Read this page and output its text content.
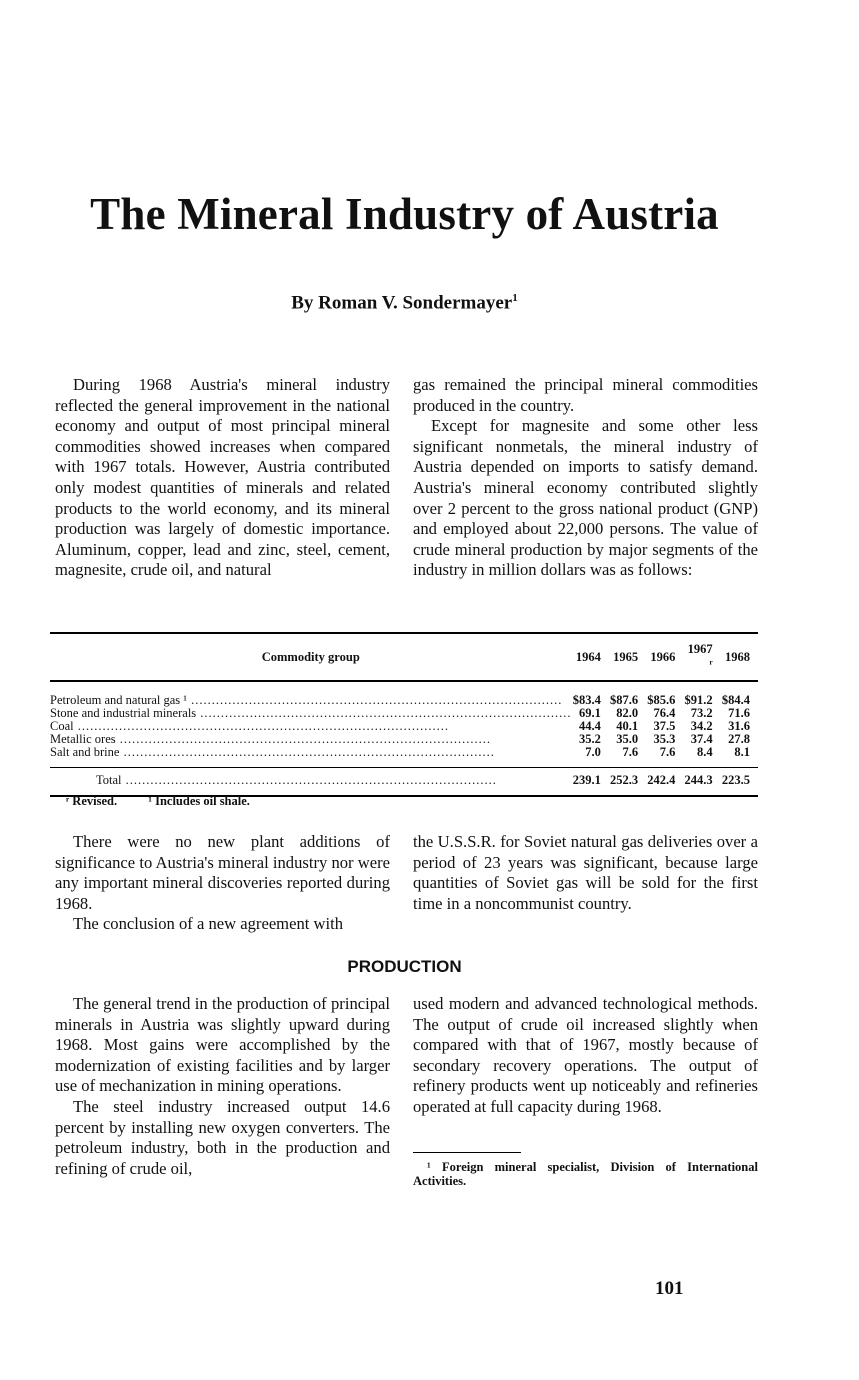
The Mineral Industry of Austria
By Roman V. Sondermayer$^1$

During 1968 Austria's mineral industry reflected the general improvement in the national economy and output of most principal mineral commodities showed increases when compared with 1967 totals. However, Austria contributed only modest quantities of minerals and related products to the world economy, and its mineral production was largely of domestic importance. Aluminum, copper, lead and zinc, steel, cement, magnesite, crude oil, and natural

gas remained the principal mineral commodities produced in the country.

Except for magnesite and some other less significant nonmetals, the mineral industry of Austria depended on imports to satisfy demand. Austria's mineral economy contributed slightly over 2 percent to the gross national product (GNP) and employed about 22,000 persons. The value of crude mineral production by major segments of the industry in million dollars was as follows:

Commodity group	1964	1965	1966	1967 ʳ	1968
Petroleum and natural gas ¹ .....	$83.4	$87.6	$85.6	$91.2	$84.4
Stone and industrial minerals .....	69.1	82.0	76.4	73.2	71.6
Coal .....	44.4	40.1	37.5	34.2	31.6
Metallic ores .....	35.2	35.0	35.3	37.4	27.8
Salt and brine .....	7.0	7.6	7.6	8.4	8.1
Total .....	239.1	252.3	242.4	244.3	223.5
ʳ Revised. ¹ Includes oil shale.

There were no new plant additions of significance to Austria's mineral industry nor were any important mineral discoveries reported during 1968.

The conclusion of a new agreement with

the U.S.S.R. for Soviet natural gas deliveries over a period of 23 years was significant, because large quantities of Soviet gas will be sold for the first time in a noncommunist country.

PRODUCTION

The general trend in the production of principal minerals in Austria was slightly upward during 1968. Most gains were accomplished by the modernization of existing facilities and by larger use of mechanization in mining operations.

The steel industry increased output 14.6 percent by installing new oxygen converters. The petroleum industry, both in the production and refining of crude oil,

used modern and advanced technological methods. The output of crude oil increased slightly when compared with that of 1967, mostly because of secondary recovery operations. The output of refinery products went up noticeably and refineries operated at full capacity during 1968.

¹ Foreign mineral specialist, Division of International Activities.
101
